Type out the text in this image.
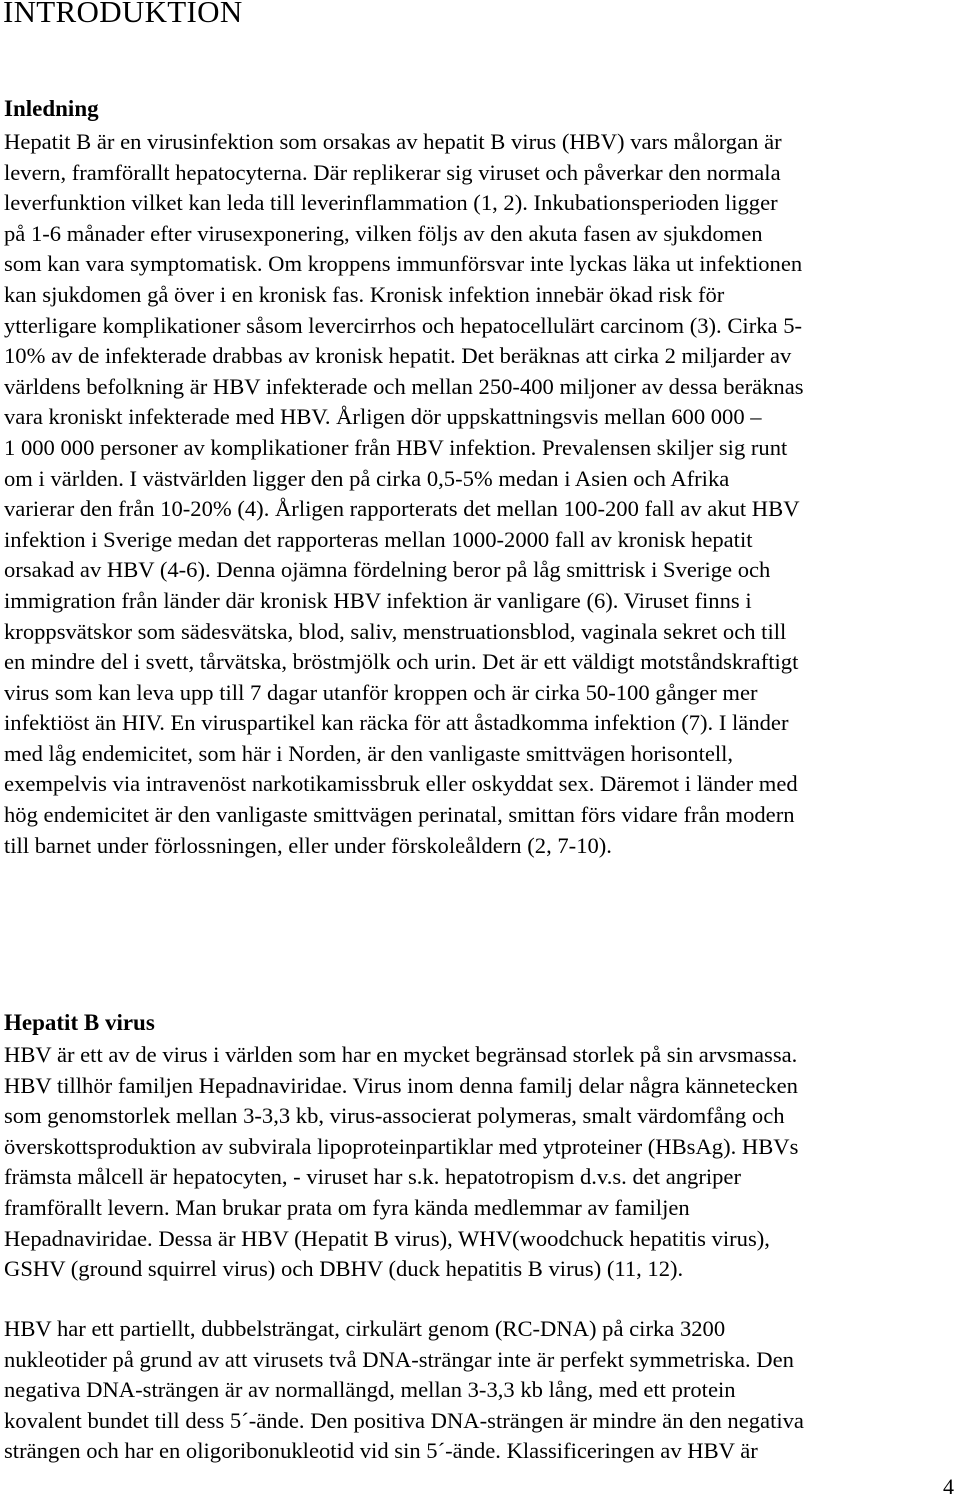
INTRODUKTION
Inledning
Hepatit B är en virusinfektion som orsakas av hepatit B virus (HBV) vars målorgan är
levern, framförallt hepatocyterna. Där replikerar sig viruset och påverkar den normala
leverfunktion vilket kan leda till leverinflammation (1, 2). Inkubationsperioden ligger
på 1-6 månader efter virusexponering, vilken följs av den akuta fasen av sjukdomen
som kan vara symptomatisk. Om kroppens immunförsvar inte lyckas läka ut infektionen
kan sjukdomen gå över i en kronisk fas. Kronisk infektion innebär ökad risk för
ytterligare komplikationer såsom levercirrhos och hepatocellulärt carcinom (3). Cirka 5-
10% av de infekterade drabbas av kronisk hepatit. Det beräknas att cirka 2 miljarder av
världens befolkning är HBV infekterade och mellan 250-400 miljoner av dessa beräknas
vara kroniskt infekterade med HBV. Årligen dör uppskattningsvis mellan 600 000 –
1 000 000 personer av komplikationer från HBV infektion. Prevalensen skiljer sig runt
om i världen. I västvärlden ligger den på cirka 0,5-5% medan i Asien och Afrika
varierar den från 10-20% (4). Årligen rapporterats det mellan 100-200 fall av akut HBV
infektion i Sverige medan det rapporteras mellan 1000-2000 fall av kronisk hepatit
orsakad av HBV (4-6). Denna ojämna fördelning beror på låg smittrisk i Sverige och
immigration från länder där kronisk HBV infektion är vanligare (6). Viruset finns i
kroppsvätskor som sädesvätska, blod, saliv, menstruationsblod, vaginala sekret och till
en mindre del i svett, tårvätska, bröstmjölk och urin. Det är ett väldigt motståndskraftigt
virus som kan leva upp till 7 dagar utanför kroppen och är cirka 50-100 gånger mer
infektiöst än HIV. En viruspartikel kan räcka för att åstadkomma infektion (7). I länder
med låg endemicitet, som här i Norden, är den vanligaste smittvägen horisontell,
exempelvis via intravenöst narkotikamissbruk eller oskyddat sex. Däremot i länder med
hög endemicitet är den vanligaste smittvägen perinatal, smittan förs vidare från modern
till barnet under förlossningen, eller under förskoleåldern (2, 7-10).
Hepatit B virus
HBV är ett av de virus i världen som har en mycket begränsad storlek på sin arvsmassa.
HBV tillhör familjen Hepadnaviridae. Virus inom denna familj delar några kännetecken
som genomstorlek mellan 3-3,3 kb, virus-associerat polymeras, smalt värdomfång och
överskottsproduktion av subvirala lipoproteinpartiklar med ytproteiner (HBsAg). HBVs
främsta målcell är hepatocyten, - viruset har s.k. hepatotropism d.v.s. det angriper
framförallt levern. Man brukar prata om fyra kända medlemmar av familjen
Hepadnaviridae. Dessa är HBV (Hepatit B virus), WHV(woodchuck hepatitis virus),
GSHV (ground squirrel virus) och DBHV (duck hepatitis B virus) (11, 12).
HBV har ett partiellt, dubbelsträngat, cirkulärt genom (RC-DNA) på cirka 3200
nukleotider på grund av att virusets två DNA-strängar inte är perfekt symmetriska. Den
negativa DNA-strängen är av normallängd, mellan 3-3,3 kb lång, med ett protein
kovalent bundet till dess 5´-ände. Den positiva DNA-strängen är mindre än den negativa
strängen och har en oligoribonukleotid vid sin 5´-ände. Klassificeringen av HBV är
4
